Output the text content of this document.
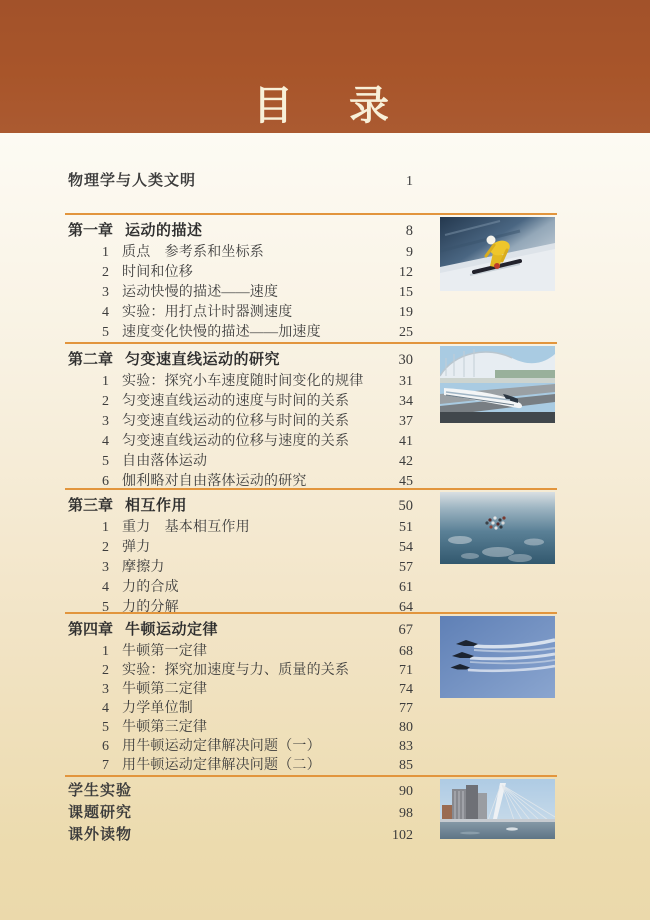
目　录
物理学与人类文明	1
第一章 运动的描述	8
1 质点　参考系和坐标系	9
2 时间和位移	12
3 运动快慢的描述——速度	15
4 实验：用打点计时器测速度	19
5 速度变化快慢的描述——加速度	25
第二章 匀变速直线运动的研究	30
1 实验：探究小车速度随时间变化的规律	31
2 匀变速直线运动的速度与时间的关系	34
3 匀变速直线运动的位移与时间的关系	37
4 匀变速直线运动的位移与速度的关系	41
5 自由落体运动	42
6 伽利略对自由落体运动的研究	45
第三章 相互作用	50
1 重力　基本相互作用	51
2 弹力	54
3 摩擦力	57
4 力的合成	61
5 力的分解	64
第四章 牛顿运动定律	67
1 牛顿第一定律	68
2 实验：探究加速度与力、质量的关系	71
3 牛顿第二定律	74
4 力学单位制	77
5 牛顿第三定律	80
6 用牛顿运动定律解决问题（一）	83
7 用牛顿运动定律解决问题（二）	85
学生实验	90
课题研究	98
课外读物	102
